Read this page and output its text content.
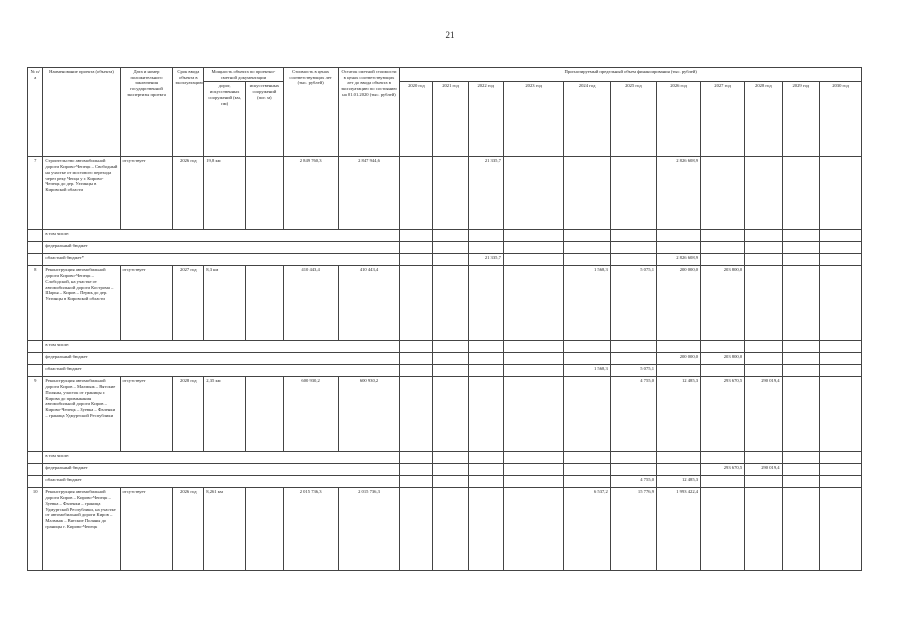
21
№ п/а	Наименование проекта (объекта)	Дата и номер положительного заключения государственной экспертизы проекта	Срок ввода объекта в эксплуатацию	Мощность объекта по проектно-сметной документации		Стоимость в ценах соответствующих лет (тыс. рублей)	Остаток сметной стоимости в ценах соответствующих лет до ввода объекта в эксплуатацию по состоянию на 01.01.2020 (тыс. рублей)	Прогнозируемый предельный объем финансирования (тыс. рублей)										
				дорог, искусственных сооружений (км, пм)	искусственных сооружений (пог. м)			2020 год	2021 год	2022 год	2023 год	2024 год	2025 год	2026 год	2027 год	2028 год	2029 год	2030 год
7	Строительство автомобильной дороги Кирово-Чепецк – Свободный на участке от мостового перехода через реку Чепца у г. Кирово-Чепецк до дер. Ухтинцы в Кировской области	отсутствует	2026 год	19,8 км		2 849 760,3	2 847 944,6			21 335,7				2 826 608,9				
	в том числе:																	
	федеральный бюджет																	
	областной бюджет*									21 335,7				2 826 608,9				
8	Реконструкция автомобильной дороги Кирово-Чепецк – Слободской, на участке от автомобильной дороги Кострома – Шарья – Киров – Пермь до дер. Ухтинцы в Кировской области	отсутствует	2027 год	8,3 км		410 443,4	410 443,4					1 568,3	5 075,1	200 000,0	203 800,0			
	в том числе:																	
	федеральный бюджет													200 000,0	203 800,0			
	областной бюджет											1 568,3	5 075,1					
9	Реконструкция автомобильной дороги Киров – Малмыж – Вятские Поляны, участок от границы г. Кирова до примыкания автомобильной дороги Киров – Кирово-Чепецк – Зуевка – Фаленки – граница Удмуртской Республики	отсутствует	2028 год	2,35 км		600 930,2	600 930,2						4 755,0	12 485,3	293 670,5	290 019,4		
	в том числе:																	
	федеральный бюджет														293 670,5	290 019,4		
	областной бюджет												4 755,0	12 485,3				
10	Реконструкция автомобильной дороги Киров – Кирово-Чепецк – Зуевка – Фаленки – граница Удмуртской Республики, на участке от автомобильной дороги Киров – Малмыж – Вятские Поляны до границы г. Кирово-Чепецк	отсутствует	2026 год	8,261 км		2 015 736,3	2 015 736,3					6 537,2	15 776,9	1 993 422,4				
